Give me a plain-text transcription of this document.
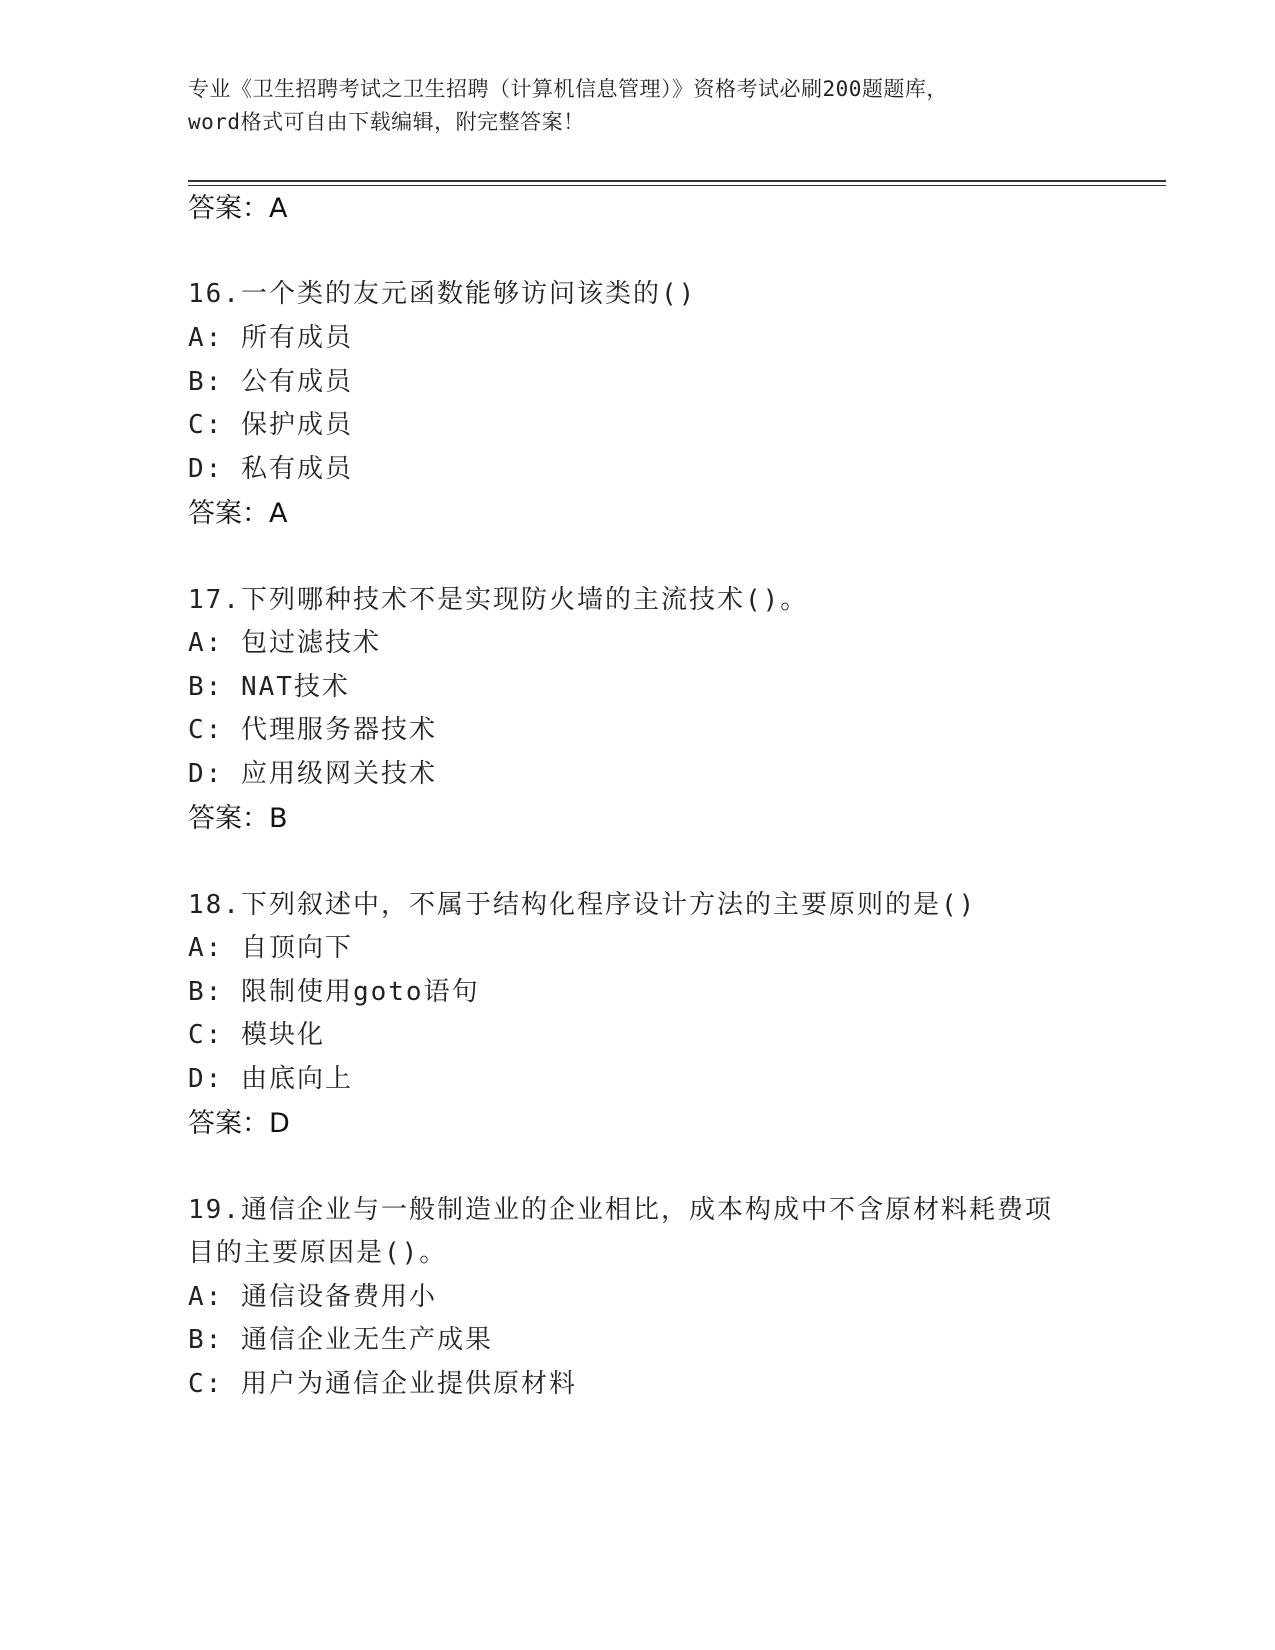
专业《卫生招聘考试之卫生招聘（计算机信息管理）》资格考试必刷200题题库，
word格式可自由下载编辑，附完整答案！
答案：A
16.一个类的友元函数能够访问该类的()
A: 所有成员
B: 公有成员
C: 保护成员
D: 私有成员
答案：A
17.下列哪种技术不是实现防火墙的主流技术()。
A: 包过滤技术
B: NAT技术
C: 代理服务器技术
D: 应用级网关技术
答案：B
18.下列叙述中，不属于结构化程序设计方法的主要原则的是()
A: 自顶向下
B: 限制使用goto语句
C: 模块化
D: 由底向上
答案：D
19.通信企业与一般制造业的企业相比，成本构成中不含原材料耗费项
目的主要原因是()。
A: 通信设备费用小
B: 通信企业无生产成果
C: 用户为通信企业提供原材料
